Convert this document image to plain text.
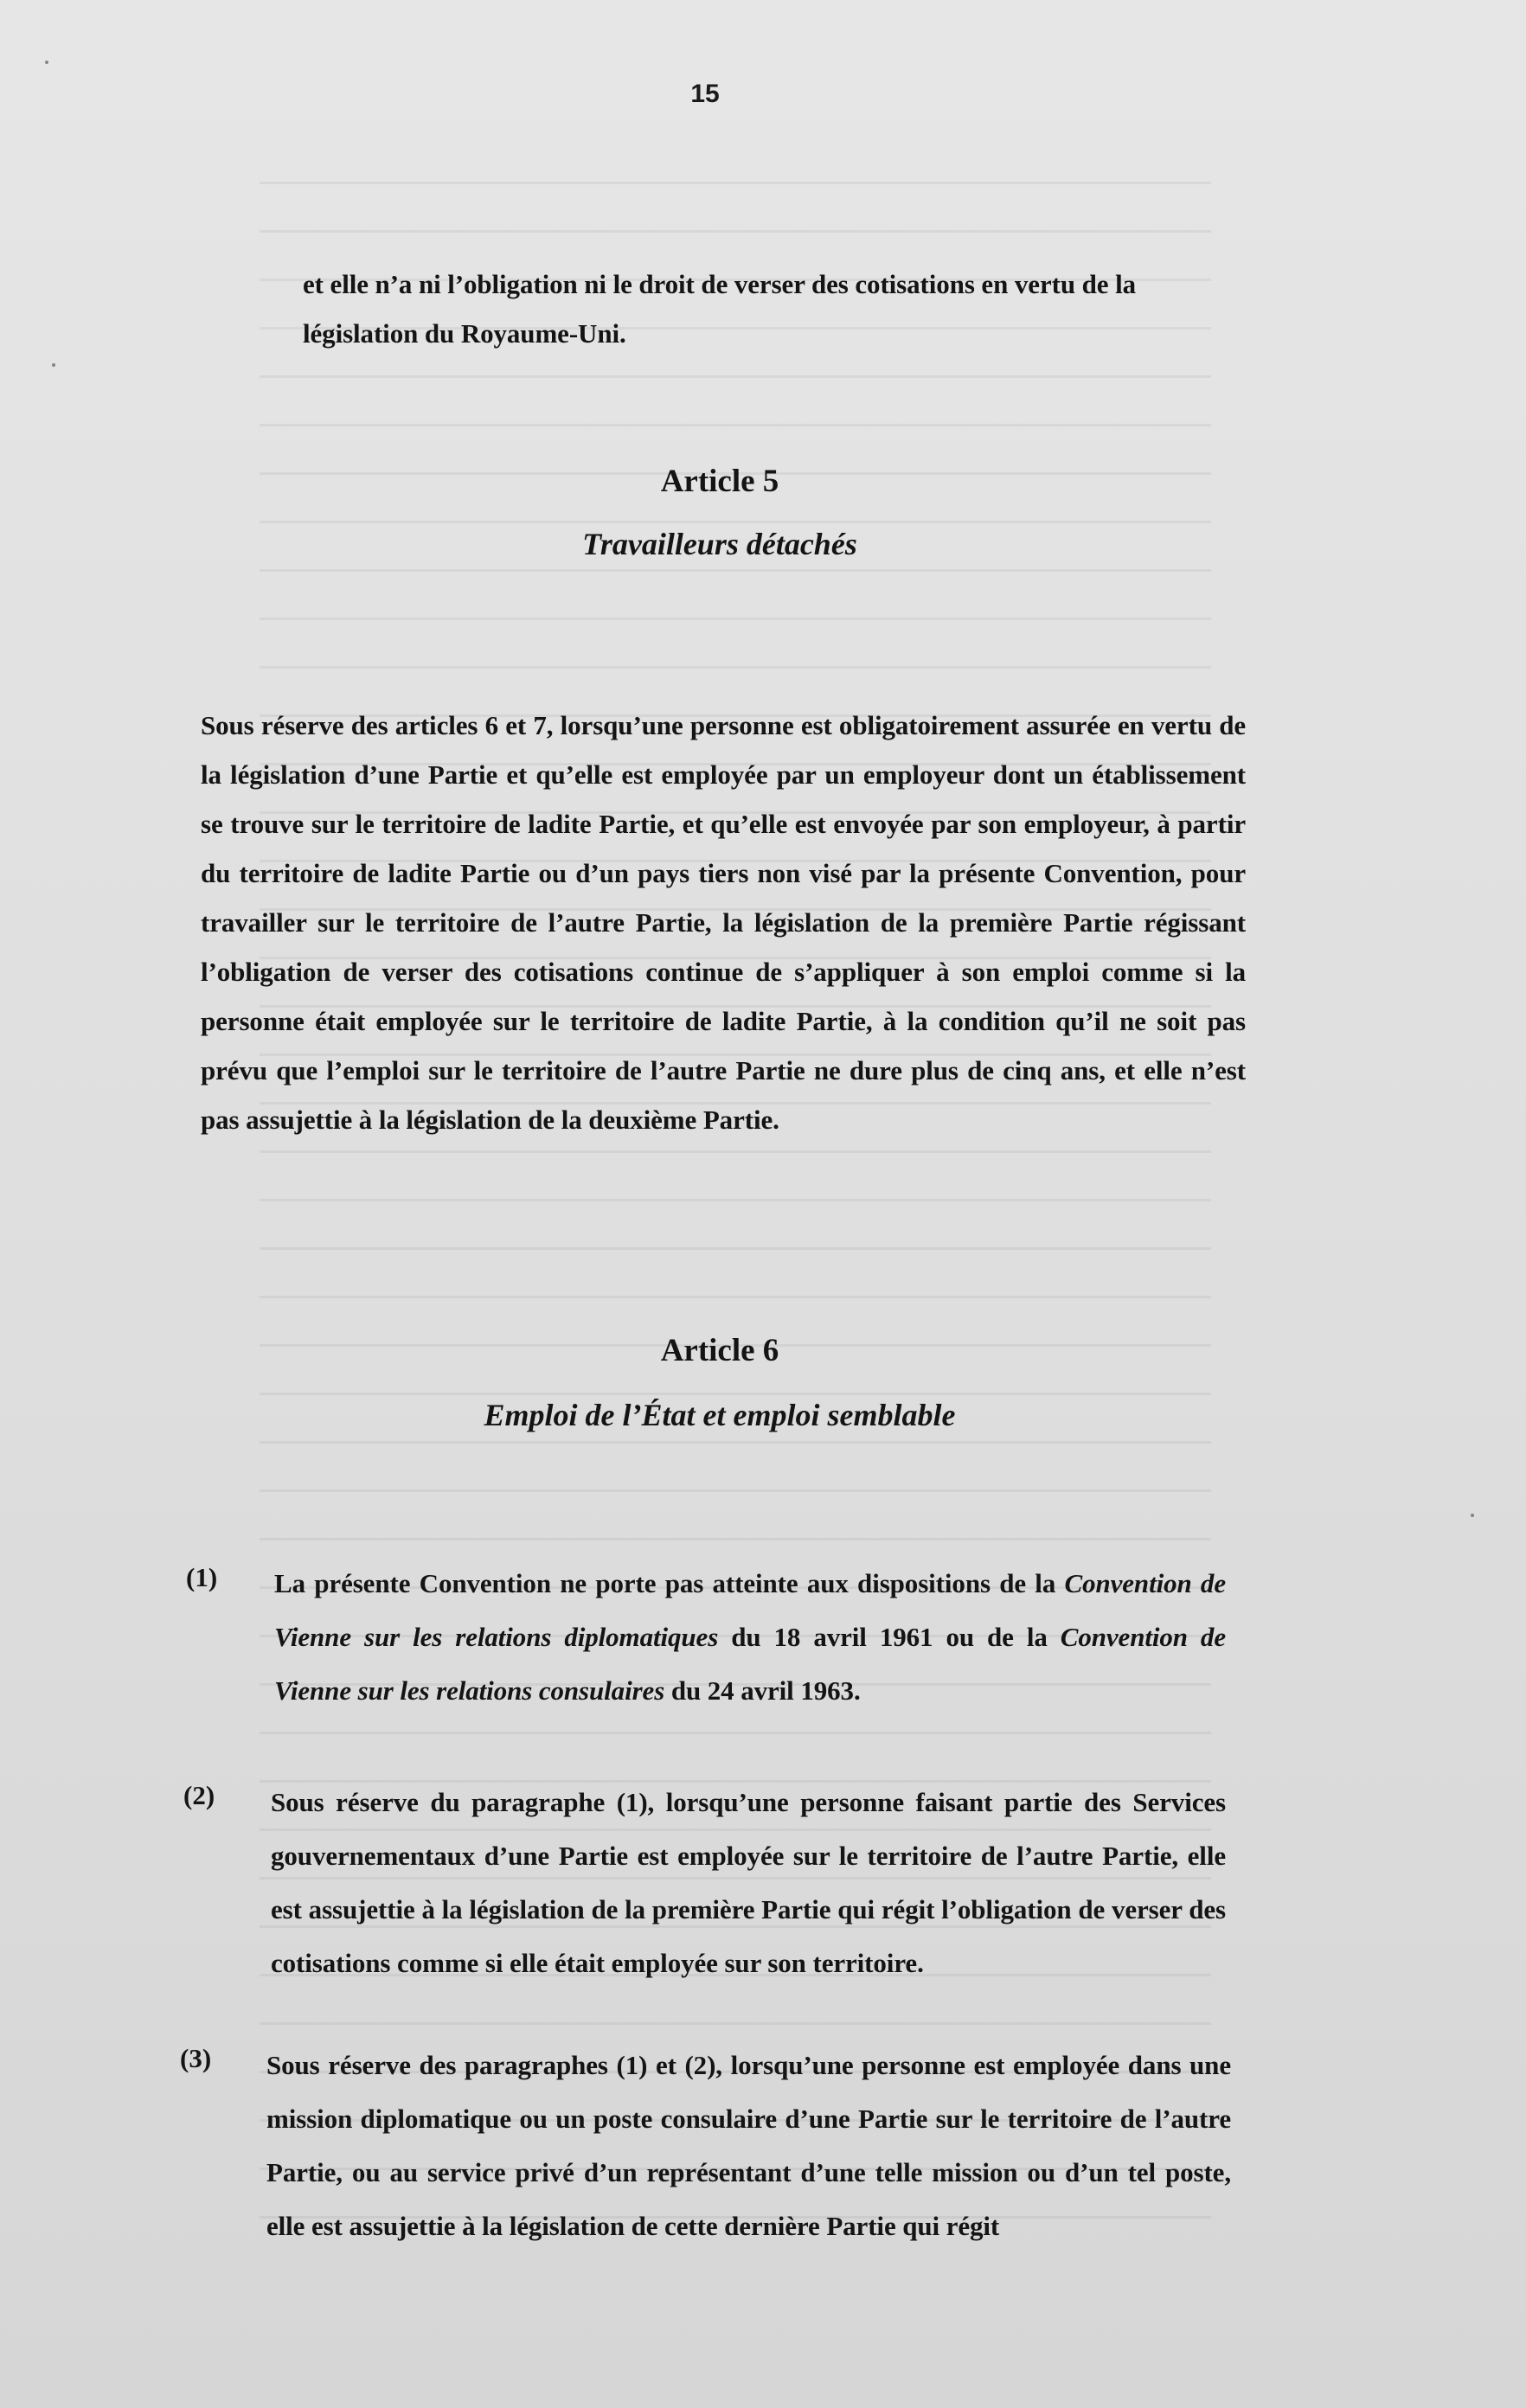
15
et elle n’a ni l’obligation ni le droit de verser des cotisations en vertu de la législation du Royaume-Uni.
Article 5
Travailleurs détachés
Sous réserve des articles 6 et 7, lorsqu’une personne est obligatoirement assurée en vertu de la législation d’une Partie et qu’elle est employée par un employeur dont un établissement se trouve sur le territoire de ladite Partie, et qu’elle est envoyée par son employeur, à partir du territoire de ladite Partie ou d’un pays tiers non visé par la présente Convention, pour travailler sur le territoire de l’autre Partie, la législation de la première Partie régissant l’obligation de verser des cotisations continue de s’appliquer à son emploi comme si la personne était employée sur le territoire de ladite Partie, à la condition qu’il ne soit pas prévu que l’emploi sur le territoire de l’autre Partie ne dure plus de cinq ans, et elle n’est pas assujettie à la législation de la deuxième Partie.
Article 6
Emploi de l’État et emploi semblable
(1) La présente Convention ne porte pas atteinte aux dispositions de la Convention de Vienne sur les relations diplomatiques du 18 avril 1961 ou de la Convention de Vienne sur les relations consulaires du 24 avril 1963.
(2) Sous réserve du paragraphe (1), lorsqu’une personne faisant partie des Services gouvernementaux d’une Partie est employée sur le territoire de l’autre Partie, elle est assujettie à la législation de la première Partie qui régit l’obligation de verser des cotisations comme si elle était employée sur son territoire.
(3) Sous réserve des paragraphes (1) et (2), lorsqu’une personne est employée dans une mission diplomatique ou un poste consulaire d’une Partie sur le territoire de l’autre Partie, ou au service privé d’un représentant d’une telle mission ou d’un tel poste, elle est assujettie à la législation de cette dernière Partie qui régit
